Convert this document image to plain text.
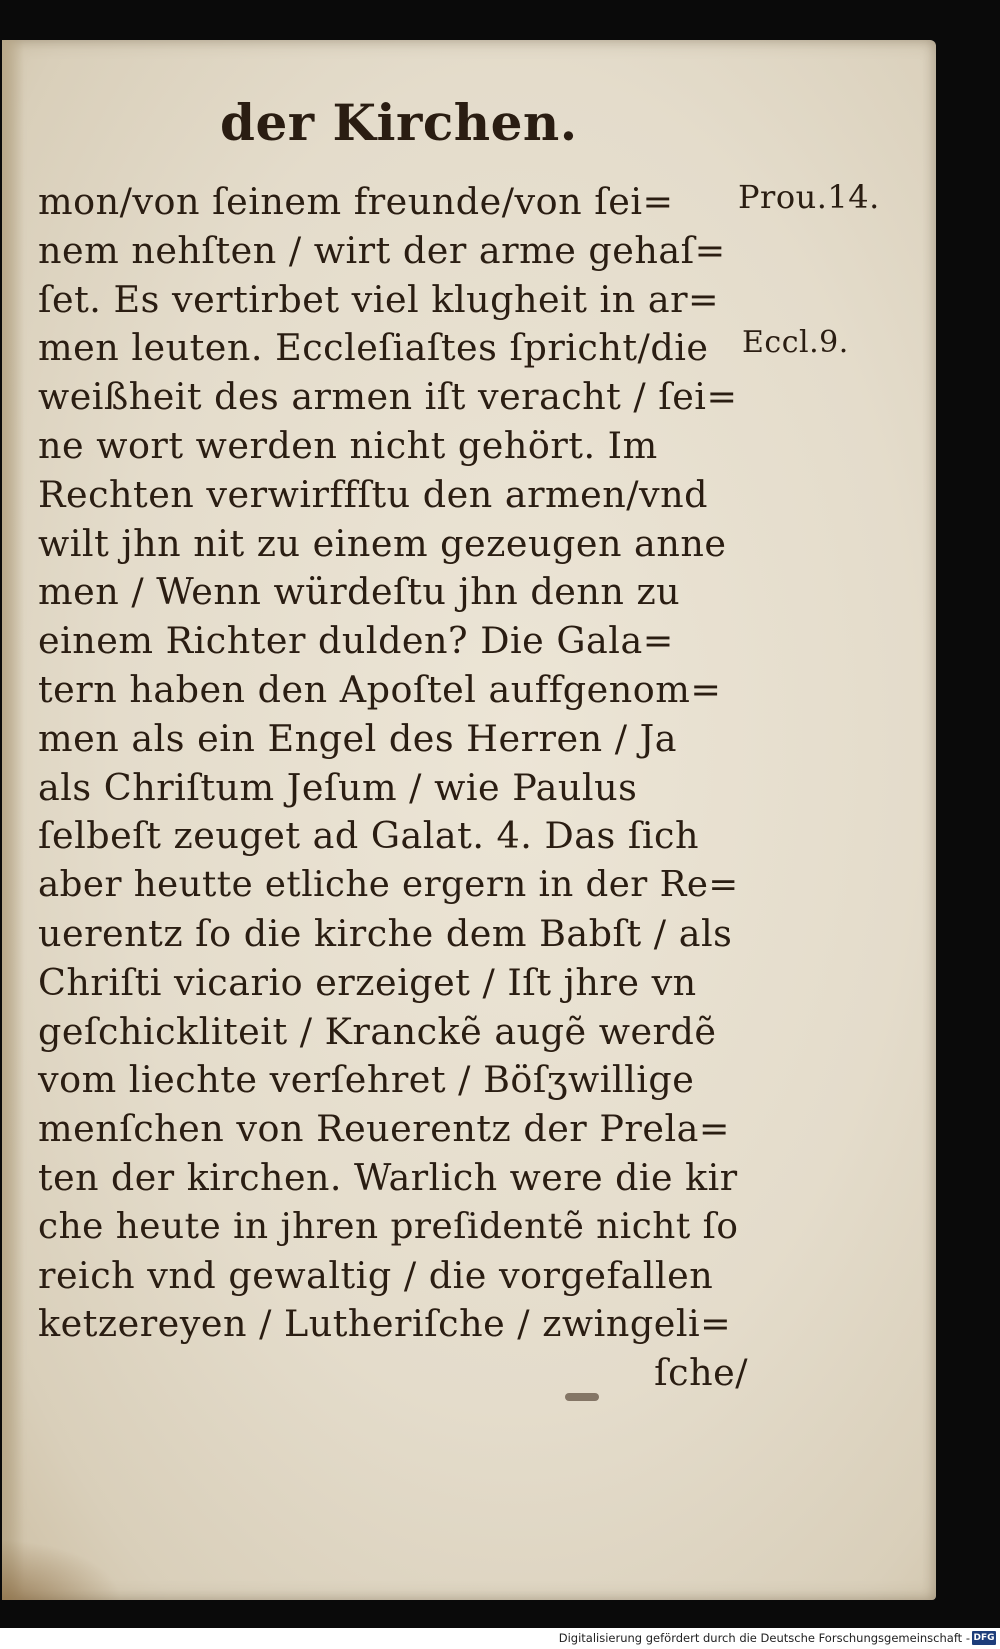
der Kirchen.
Prou.14.
Eccl.9.
mon/von ſeinem freunde/von ſei=
nem nehſten / wirt der arme gehaſ=
ſet. Es vertirbet viel klugheit in ar=
men leuten. Eccleſiaſtes ſpricht/die
weißheit des armen iſt veracht / ſei=
ne wort werden nicht gehört. Im
Rechten verwirffſtu den armen/vnd
wilt jhn nit zu einem gezeugen anne
men / Wenn würdeſtu jhn denn zu
einem Richter dulden? Die Gala=
tern haben den Apoſtel auffgenom=
men als ein Engel des Herren / Ja
als Chriſtum Jeſum / wie Paulus
ſelbeſt zeuget ad Galat. 4. Das ſich
aber heutte etliche ergern in der Re=
uerentz ſo die kirche dem Babſt / als
Chriſti vicario erzeiget / Iſt jhre vn
geſchickliteit / Kranckẽ augẽ werdẽ
vom liechte verſehret / Böſʒwillige
menſchen von Reuerentz der Prela=
ten der kirchen. Warlich were die kir
che heute in jhren preſidentẽ nicht ſo
reich vnd gewaltig / die vorgefallen
ketzereyen / Lutheriſche / zwingeli=
ſche/
Digitalisierung gefördert durch die Deutsche Forschungsgemeinschaft - DFG
